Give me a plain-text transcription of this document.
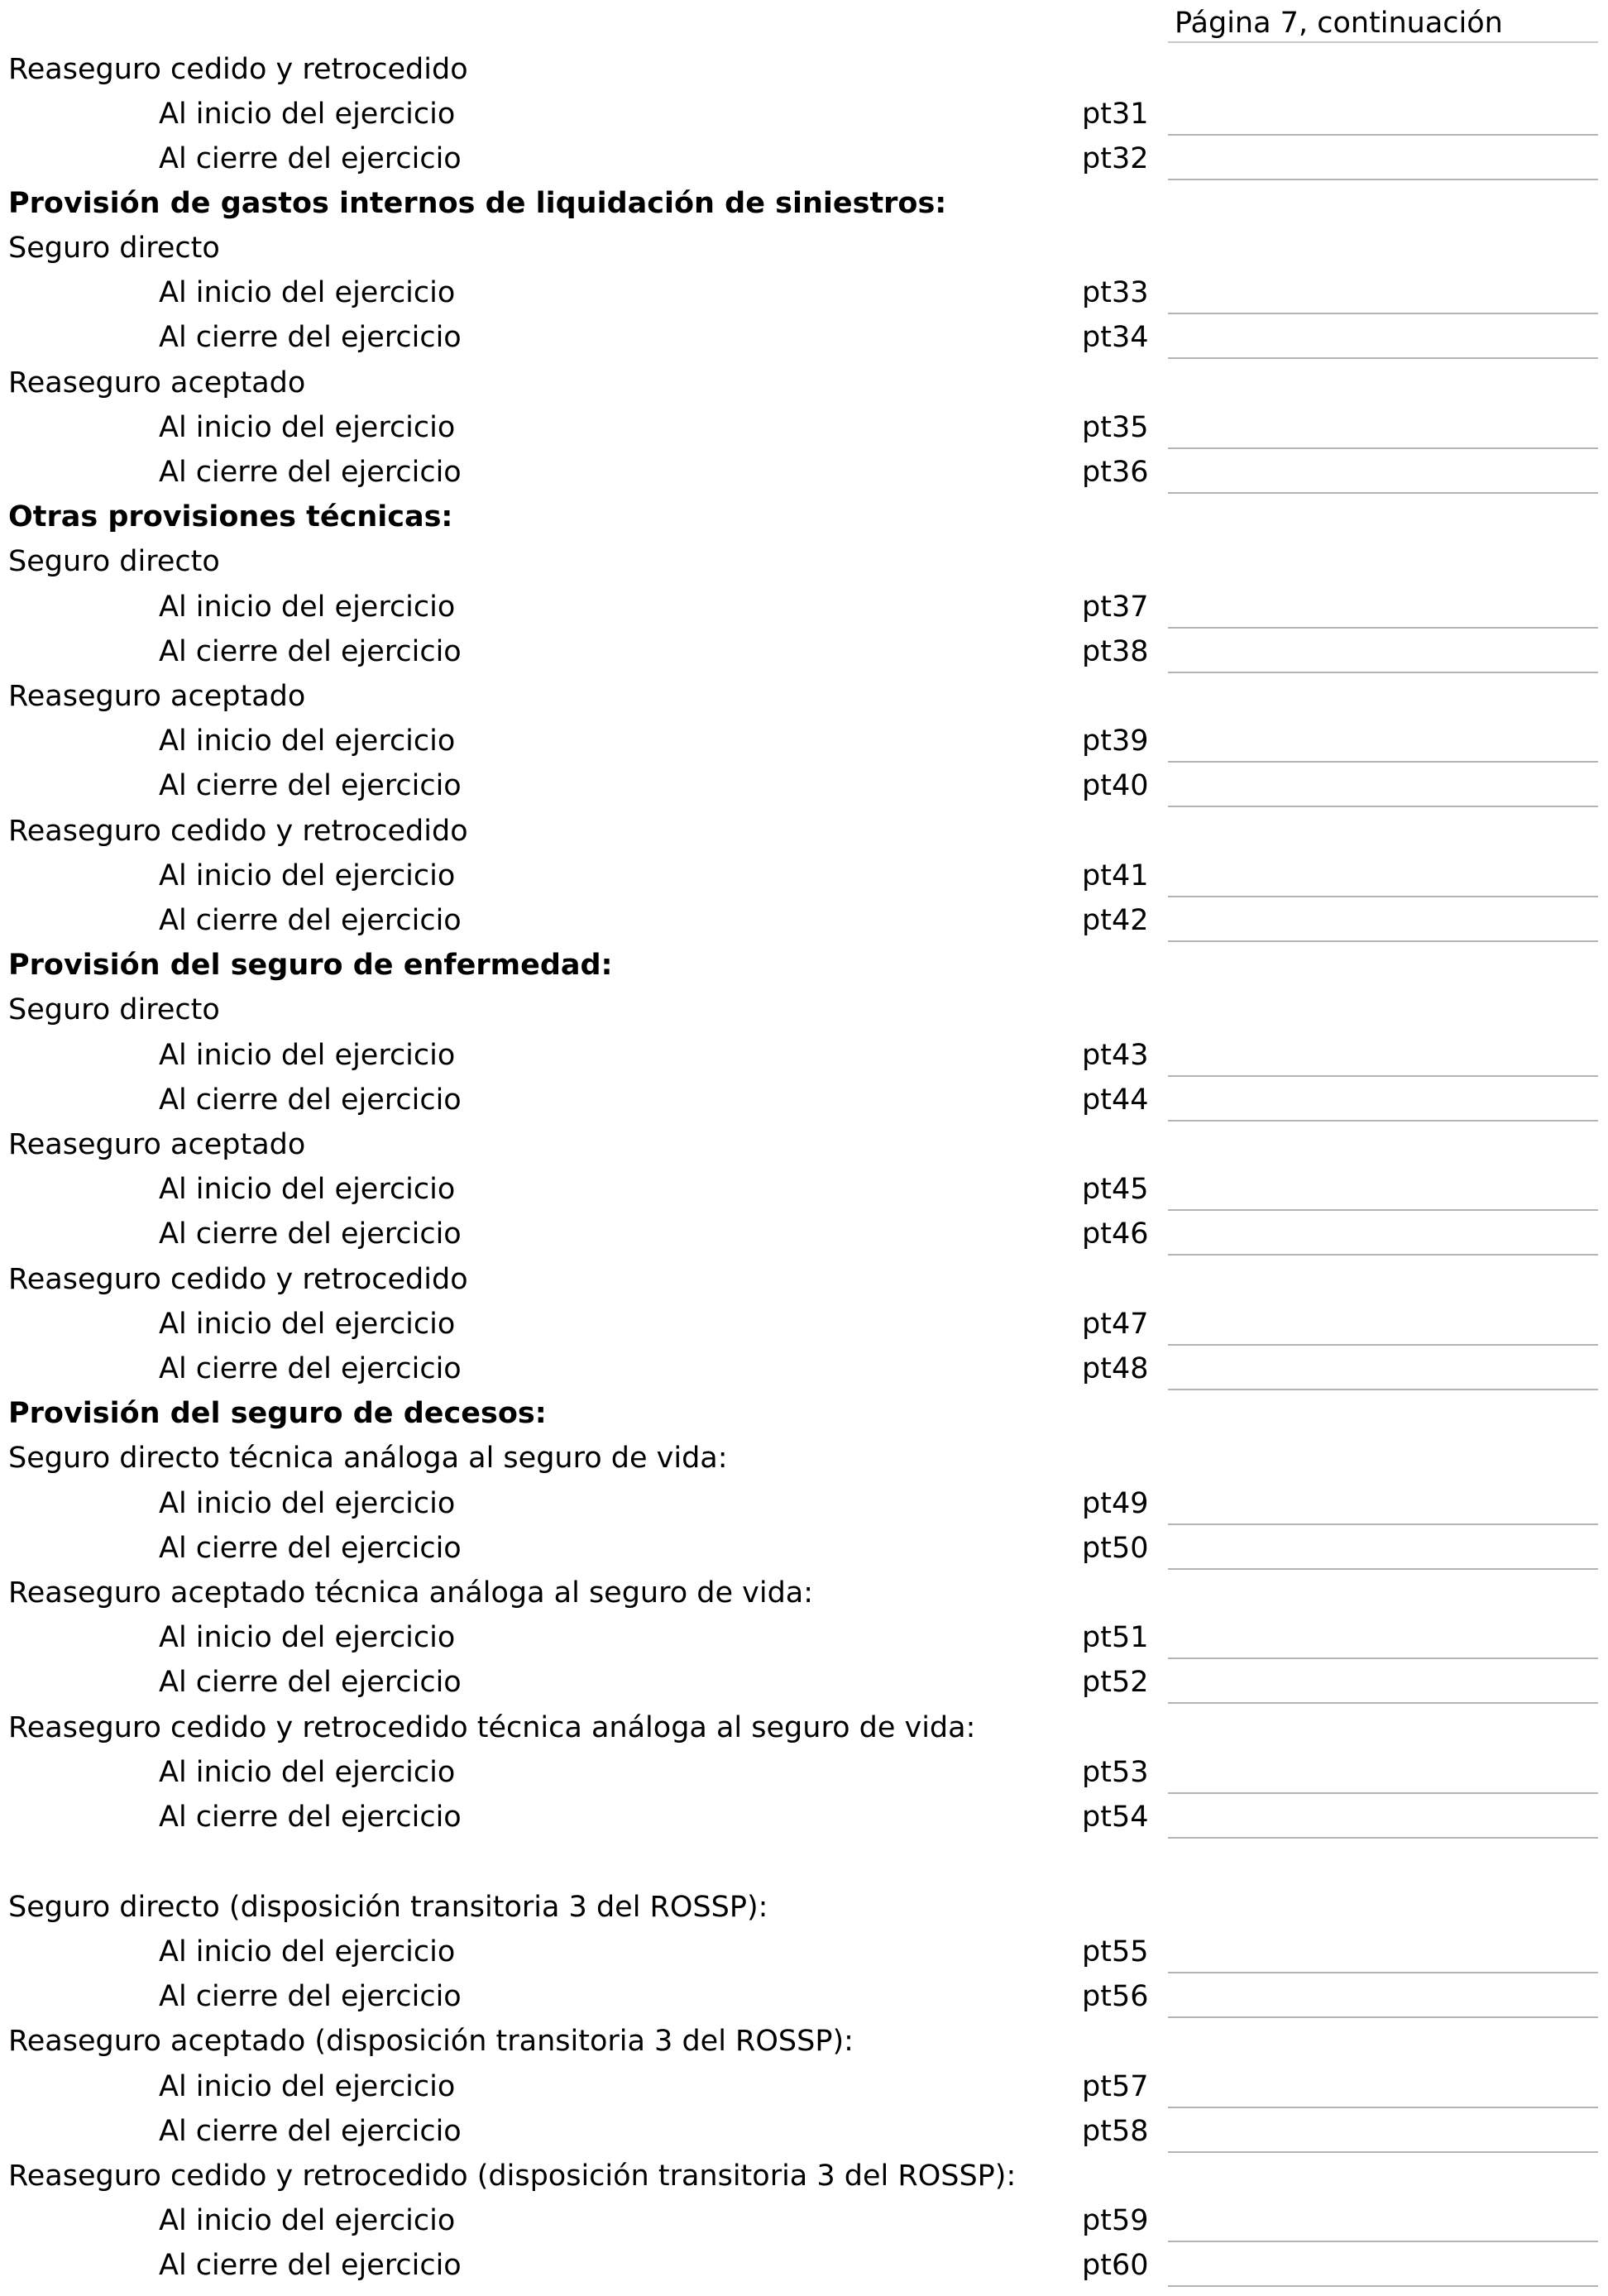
Página 7, continuación
Reaseguro cedido y retrocedido
Al inicio del ejercicio	pt31
Al cierre del ejercicio	pt32
Provisión de gastos internos de liquidación de siniestros:
Seguro directo
Al inicio del ejercicio	pt33
Al cierre del ejercicio	pt34
Reaseguro aceptado
Al inicio del ejercicio	pt35
Al cierre del ejercicio	pt36
Otras provisiones técnicas:
Seguro directo
Al inicio del ejercicio	pt37
Al cierre del ejercicio	pt38
Reaseguro aceptado
Al inicio del ejercicio	pt39
Al cierre del ejercicio	pt40
Reaseguro cedido y retrocedido
Al inicio del ejercicio	pt41
Al cierre del ejercicio	pt42
Provisión del seguro de enfermedad:
Seguro directo
Al inicio del ejercicio	pt43
Al cierre del ejercicio	pt44
Reaseguro aceptado
Al inicio del ejercicio	pt45
Al cierre del ejercicio	pt46
Reaseguro cedido y retrocedido
Al inicio del ejercicio	pt47
Al cierre del ejercicio	pt48
Provisión del seguro de decesos:
Seguro directo técnica análoga al seguro de vida:
Al inicio del ejercicio	pt49
Al cierre del ejercicio	pt50
Reaseguro aceptado técnica análoga al seguro de vida:
Al inicio del ejercicio	pt51
Al cierre del ejercicio	pt52
Reaseguro cedido y retrocedido técnica análoga al seguro de vida:
Al inicio del ejercicio	pt53
Al cierre del ejercicio	pt54
Seguro directo (disposición transitoria 3 del ROSSP):
Al inicio del ejercicio	pt55
Al cierre del ejercicio	pt56
Reaseguro aceptado (disposición transitoria 3 del ROSSP):
Al inicio del ejercicio	pt57
Al cierre del ejercicio	pt58
Reaseguro cedido y retrocedido (disposición transitoria 3 del ROSSP):
Al inicio del ejercicio	pt59
Al cierre del ejercicio	pt60
